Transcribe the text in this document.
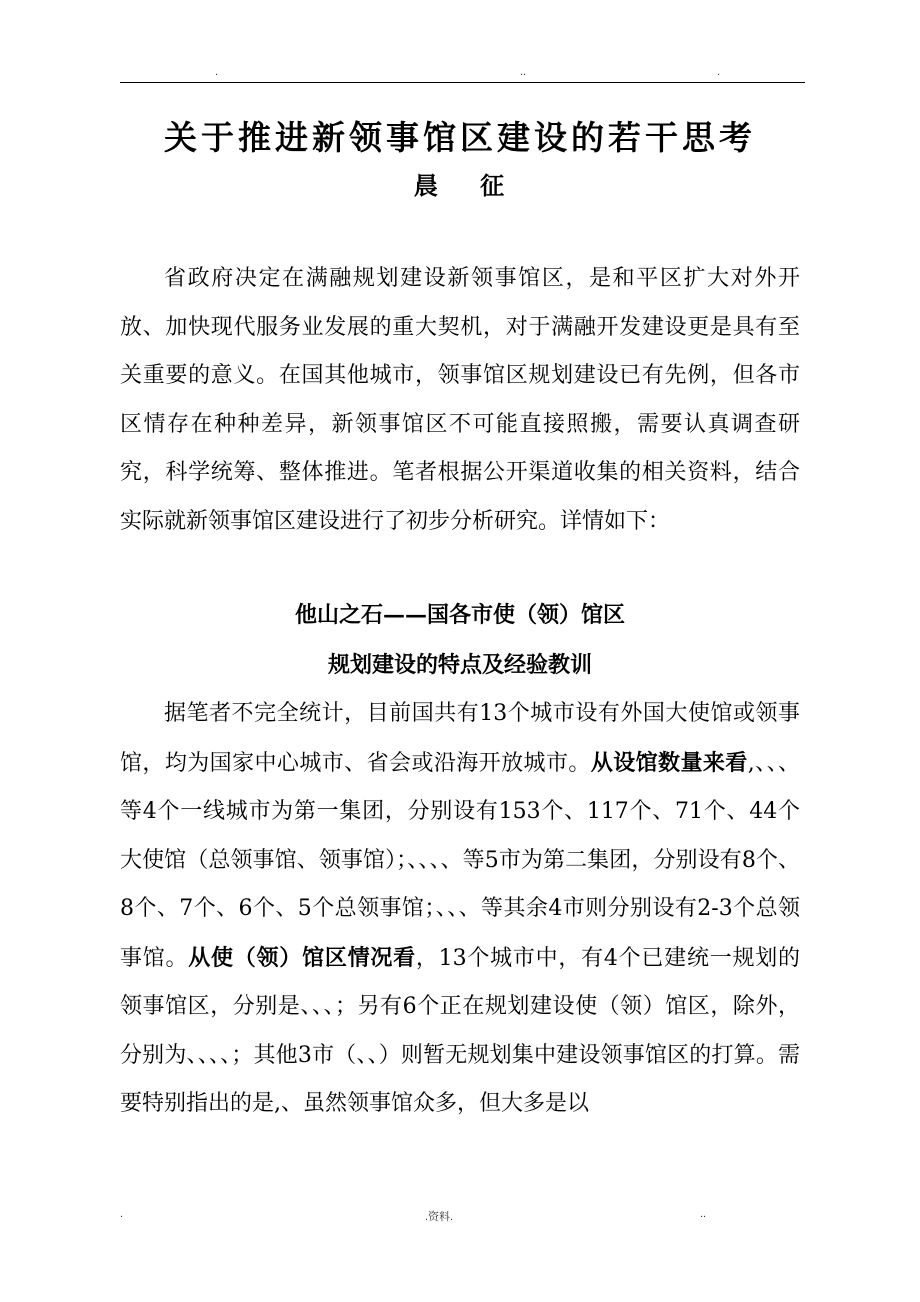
.	..	.
关于推进新领事馆区建设的若干思考
晨 征

省政府决定在满融规划建设新领事馆区，是和平区扩大对外开放、加快现代服务业发展的重大契机，对于满融开发建设更是具有至关重要的意义。在国其他城市，领事馆区规划建设已有先例，但各市区情存在种种差异，新领事馆区不可能直接照搬，需要认真调查研究，科学统筹、整体推进。笔者根据公开渠道收集的相关资料，结合实际就新领事馆区建设进行了初步分析研究。详情如下：

他山之石——国各市使（领）馆区

规划建设的特点及经验教训

据笔者不完全统计，目前国共有13个城市设有外国大使馆或领事馆，均为国家中心城市、省会或沿海开放城市。从设馆数量来看,、、、等4个一线城市为第一集团，分别设有153个、117个、71个、44个大使馆（总领事馆、领事馆）；、、、、等5市为第二集团，分别设有8个、8个、7个、6个、5个总领事馆；、、、等其余4市则分别设有2-3个总领事馆。从使（领）馆区情况看，13个城市中，有4个已建统一规划的领事馆区，分别是、、、；另有6个正在规划建设使（领）馆区，除外，分别为、、、、；其他3市（、、）则暂无规划集中建设领事馆区的打算。需要特别指出的是,、虽然领事馆众多，但大多是以

.	.资料.	..
